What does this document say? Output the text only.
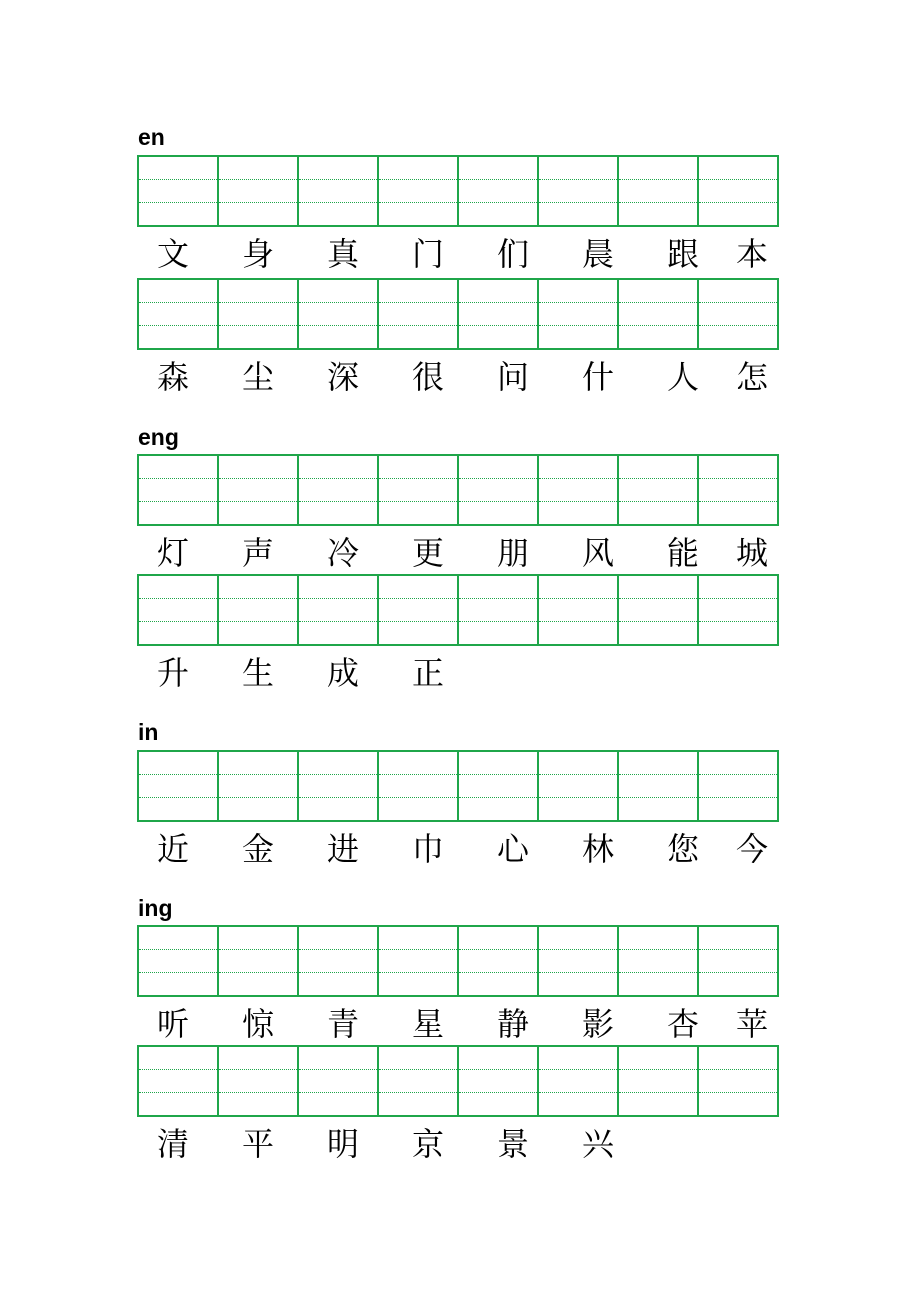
en
文	身	真	门	们	晨	跟	本
森	尘	深	很	问	什	人	怎
eng
灯	声	冷	更	朋	风	能	城
升	生	成	正
in
近	金	进	巾	心	林	您	今
ing
听	惊	青	星	静	影	杏	苹
清	平	明	京	景	兴
